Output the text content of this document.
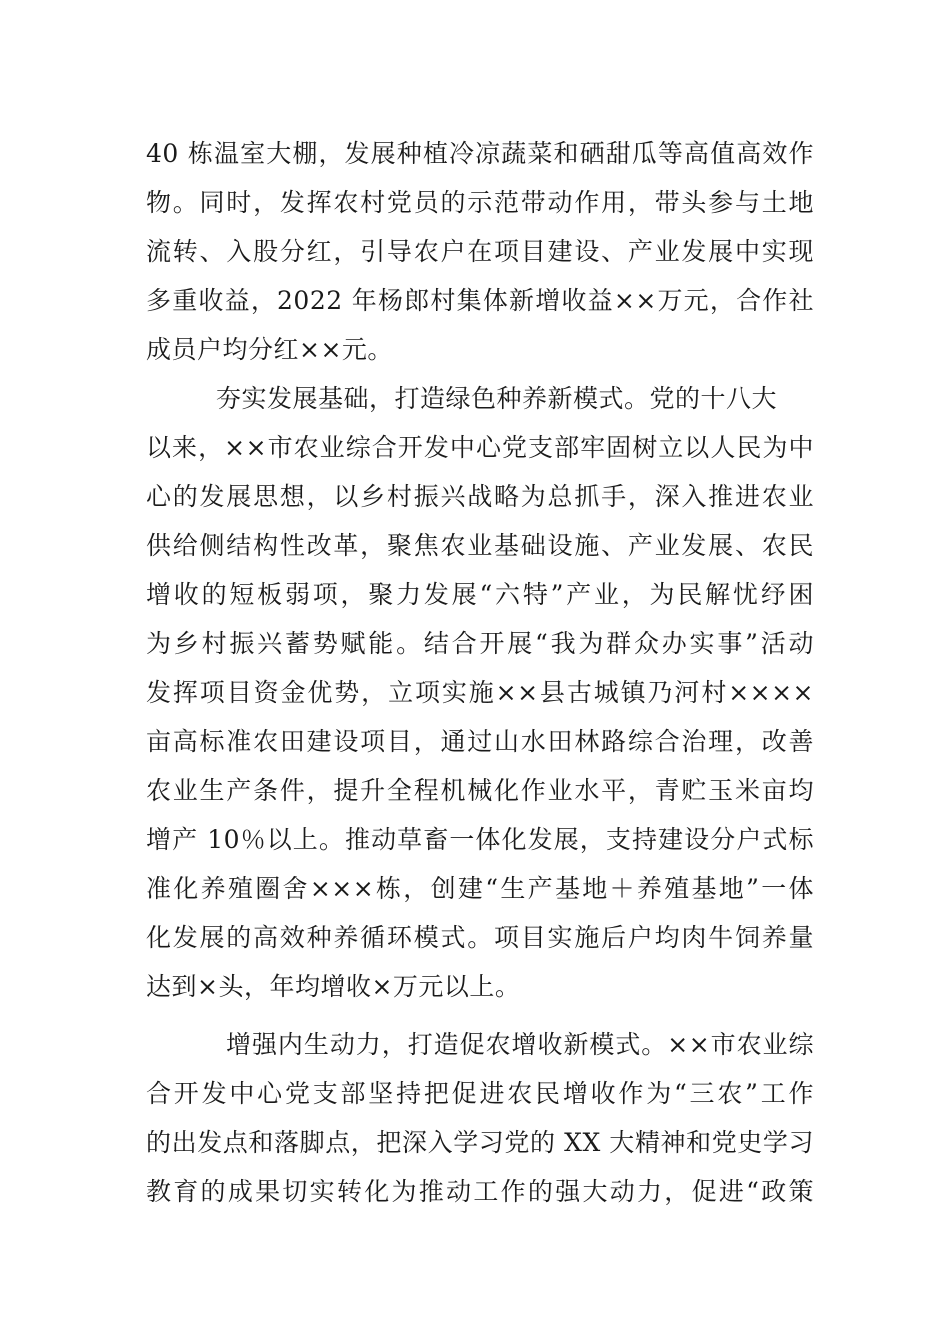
40 栋温室大棚，发展种植冷凉蔬菜和硒甜瓜等高值高效作
物。同时，发挥农村党员的示范带动作用，带头参与土地
流转、入股分红，引导农户在项目建设、产业发展中实现
多重收益，2022 年杨郎村集体新增收益××万元，合作社
成员户均分红××元。
夯实发展基础，打造绿色种养新模式。党的十八大
以来，××市农业综合开发中心党支部牢固树立以人民为中
心的发展思想，以乡村振兴战略为总抓手，深入推进农业
供给侧结构性改革，聚焦农业基础设施、产业发展、农民
增收的短板弱项，聚力发展“六特”产业，为民解忧纾困
为乡村振兴蓄势赋能。结合开展“我为群众办实事”活动
发挥项目资金优势，立项实施××县古城镇乃河村××××
亩高标准农田建设项目，通过山水田林路综合治理，改善
农业生产条件，提升全程机械化作业水平，青贮玉米亩均
增产 10％以上。推动草畜一体化发展，支持建设分户式标
准化养殖圈舍×××栋，创建“生产基地＋养殖基地”一体
化发展的高效种养循环模式。项目实施后户均肉牛饲养量
达到×头，年均增收×万元以上。
增强内生动力，打造促农增收新模式。××市农业综
合开发中心党支部坚持把促进农民增收作为“三农”工作
的出发点和落脚点，把深入学习党的 XX 大精神和党史学习
教育的成果切实转化为推动工作的强大动力，促进“政策
